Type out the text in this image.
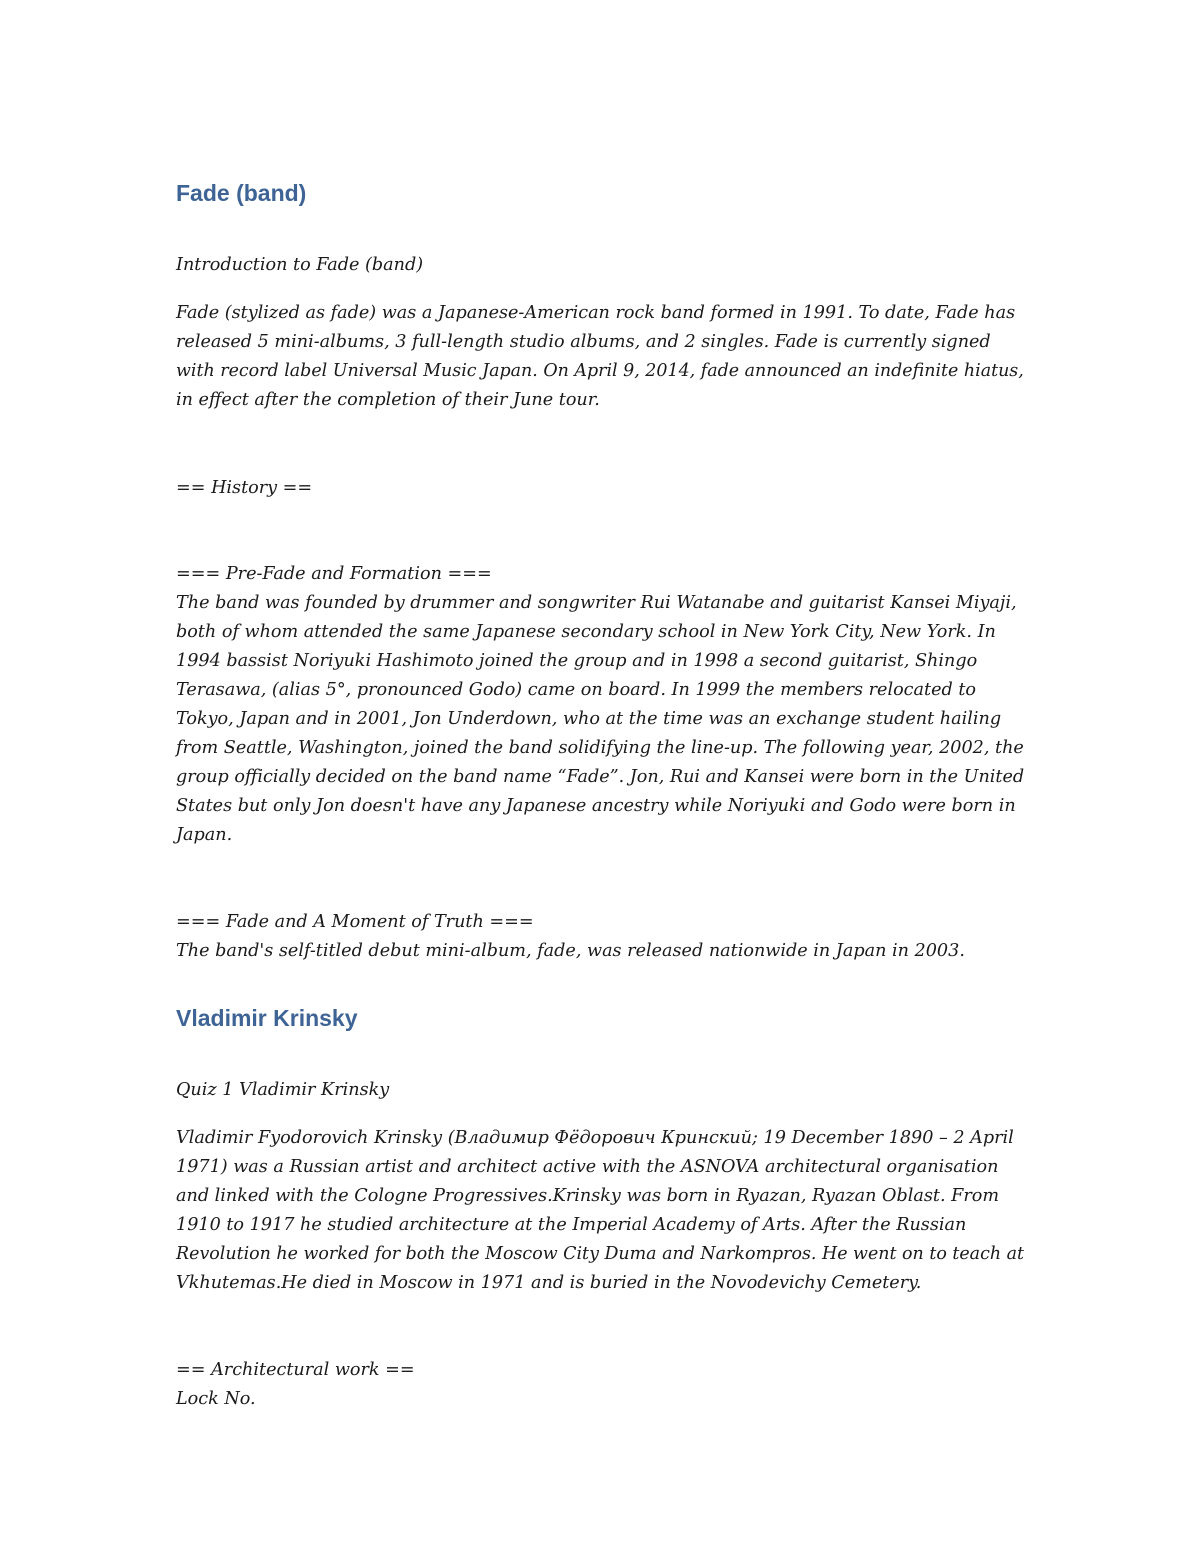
Fade (band)

Introduction to Fade (band)

Fade (stylized as fade) was a Japanese-American rock band formed in 1991. To date, Fade has

released 5 mini-albums, 3 full-length studio albums, and 2 singles. Fade is currently signed

with record label Universal Music Japan. On April 9, 2014, fade announced an indefinite hiatus,

in effect after the completion of their June tour.

== History ==

=== Pre-Fade and Formation ===

The band was founded by drummer and songwriter Rui Watanabe and guitarist Kansei Miyaji,

both of whom attended the same Japanese secondary school in New York City, New York. In

1994 bassist Noriyuki Hashimoto joined the group and in 1998 a second guitarist, Shingo

Terasawa, (alias 5°, pronounced Godo) came on board. In 1999 the members relocated to

Tokyo, Japan and in 2001, Jon Underdown, who at the time was an exchange student hailing

from Seattle, Washington, joined the band solidifying the line-up. The following year, 2002, the

group officially decided on the band name “Fade”. Jon, Rui and Kansei were born in the United

States but only Jon doesn't have any Japanese ancestry while Noriyuki and Godo were born in

Japan.

=== Fade and A Moment of Truth ===

The band's self-titled debut mini-album, fade, was released nationwide in Japan in 2003.

Vladimir Krinsky

Quiz 1 Vladimir Krinsky

Vladimir Fyodorovich Krinsky (Владимир Фёдорович Кринский; 19 December 1890 – 2 April

1971) was a Russian artist and architect active with the ASNOVA architectural organisation

and linked with the Cologne Progressives.Krinsky was born in Ryazan, Ryazan Oblast. From

1910 to 1917 he studied architecture at the Imperial Academy of Arts. After the Russian

Revolution he worked for both the Moscow City Duma and Narkompros. He went on to teach at

Vkhutemas.He died in Moscow in 1971 and is buried in the Novodevichy Cemetery.

== Architectural work ==

Lock No.
